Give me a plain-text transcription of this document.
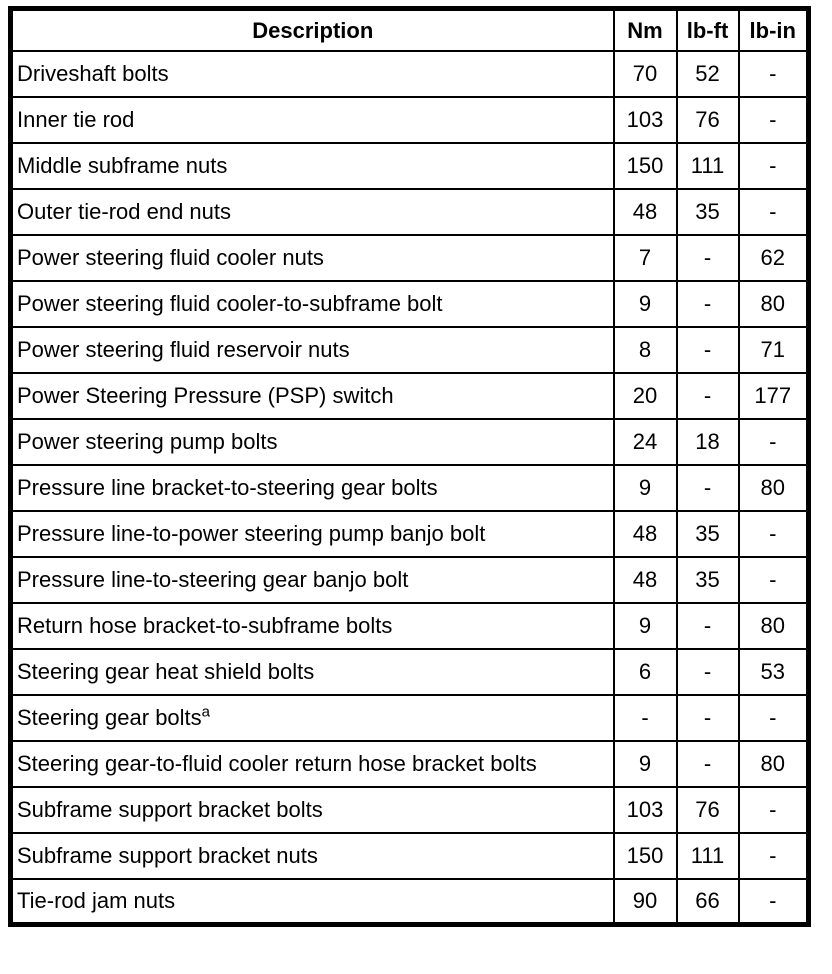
Description	Nm	lb-ft	lb-in
Driveshaft bolts	70	52	-
Inner tie rod	103	76	-
Middle subframe nuts	150	111	-
Outer tie-rod end nuts	48	35	-
Power steering fluid cooler nuts	7	-	62
Power steering fluid cooler-to-subframe bolt	9	-	80
Power steering fluid reservoir nuts	8	-	71
Power Steering Pressure (PSP) switch	20	-	177
Power steering pump bolts	24	18	-
Pressure line bracket-to-steering gear bolts	9	-	80
Pressure line-to-power steering pump banjo bolt	48	35	-
Pressure line-to-steering gear banjo bolt	48	35	-
Return hose bracket-to-subframe bolts	9	-	80
Steering gear heat shield bolts	6	-	53
Steering gear bolts$^a$	-	-	-
Steering gear-to-fluid cooler return hose bracket bolts	9	-	80
Subframe support bracket bolts	103	76	-
Subframe support bracket nuts	150	111	-
Tie-rod jam nuts	90	66	-
